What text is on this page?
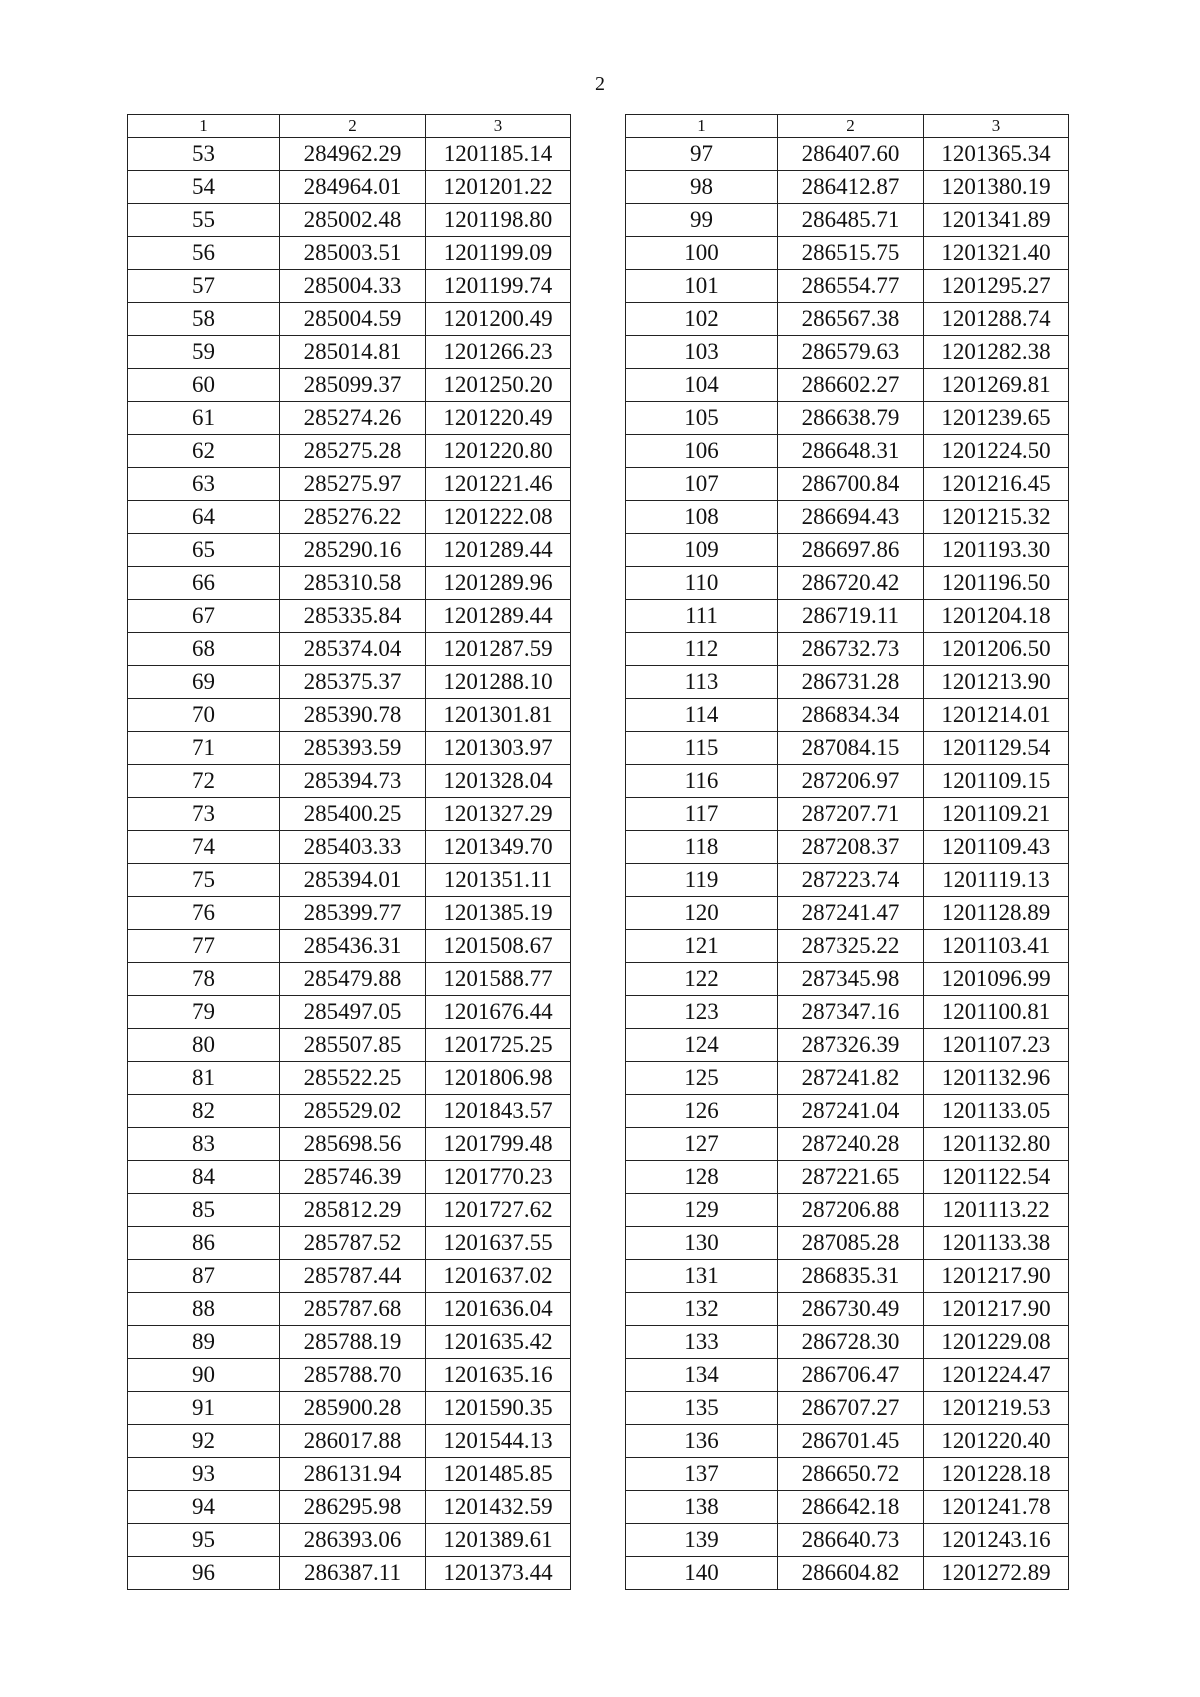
2
1	2	3
53	284962.29	1201185.14
54	284964.01	1201201.22
55	285002.48	1201198.80
56	285003.51	1201199.09
57	285004.33	1201199.74
58	285004.59	1201200.49
59	285014.81	1201266.23
60	285099.37	1201250.20
61	285274.26	1201220.49
62	285275.28	1201220.80
63	285275.97	1201221.46
64	285276.22	1201222.08
65	285290.16	1201289.44
66	285310.58	1201289.96
67	285335.84	1201289.44
68	285374.04	1201287.59
69	285375.37	1201288.10
70	285390.78	1201301.81
71	285393.59	1201303.97
72	285394.73	1201328.04
73	285400.25	1201327.29
74	285403.33	1201349.70
75	285394.01	1201351.11
76	285399.77	1201385.19
77	285436.31	1201508.67
78	285479.88	1201588.77
79	285497.05	1201676.44
80	285507.85	1201725.25
81	285522.25	1201806.98
82	285529.02	1201843.57
83	285698.56	1201799.48
84	285746.39	1201770.23
85	285812.29	1201727.62
86	285787.52	1201637.55
87	285787.44	1201637.02
88	285787.68	1201636.04
89	285788.19	1201635.42
90	285788.70	1201635.16
91	285900.28	1201590.35
92	286017.88	1201544.13
93	286131.94	1201485.85
94	286295.98	1201432.59
95	286393.06	1201389.61
96	286387.11	1201373.44
1	2	3
97	286407.60	1201365.34
98	286412.87	1201380.19
99	286485.71	1201341.89
100	286515.75	1201321.40
101	286554.77	1201295.27
102	286567.38	1201288.74
103	286579.63	1201282.38
104	286602.27	1201269.81
105	286638.79	1201239.65
106	286648.31	1201224.50
107	286700.84	1201216.45
108	286694.43	1201215.32
109	286697.86	1201193.30
110	286720.42	1201196.50
111	286719.11	1201204.18
112	286732.73	1201206.50
113	286731.28	1201213.90
114	286834.34	1201214.01
115	287084.15	1201129.54
116	287206.97	1201109.15
117	287207.71	1201109.21
118	287208.37	1201109.43
119	287223.74	1201119.13
120	287241.47	1201128.89
121	287325.22	1201103.41
122	287345.98	1201096.99
123	287347.16	1201100.81
124	287326.39	1201107.23
125	287241.82	1201132.96
126	287241.04	1201133.05
127	287240.28	1201132.80
128	287221.65	1201122.54
129	287206.88	1201113.22
130	287085.28	1201133.38
131	286835.31	1201217.90
132	286730.49	1201217.90
133	286728.30	1201229.08
134	286706.47	1201224.47
135	286707.27	1201219.53
136	286701.45	1201220.40
137	286650.72	1201228.18
138	286642.18	1201241.78
139	286640.73	1201243.16
140	286604.82	1201272.89
